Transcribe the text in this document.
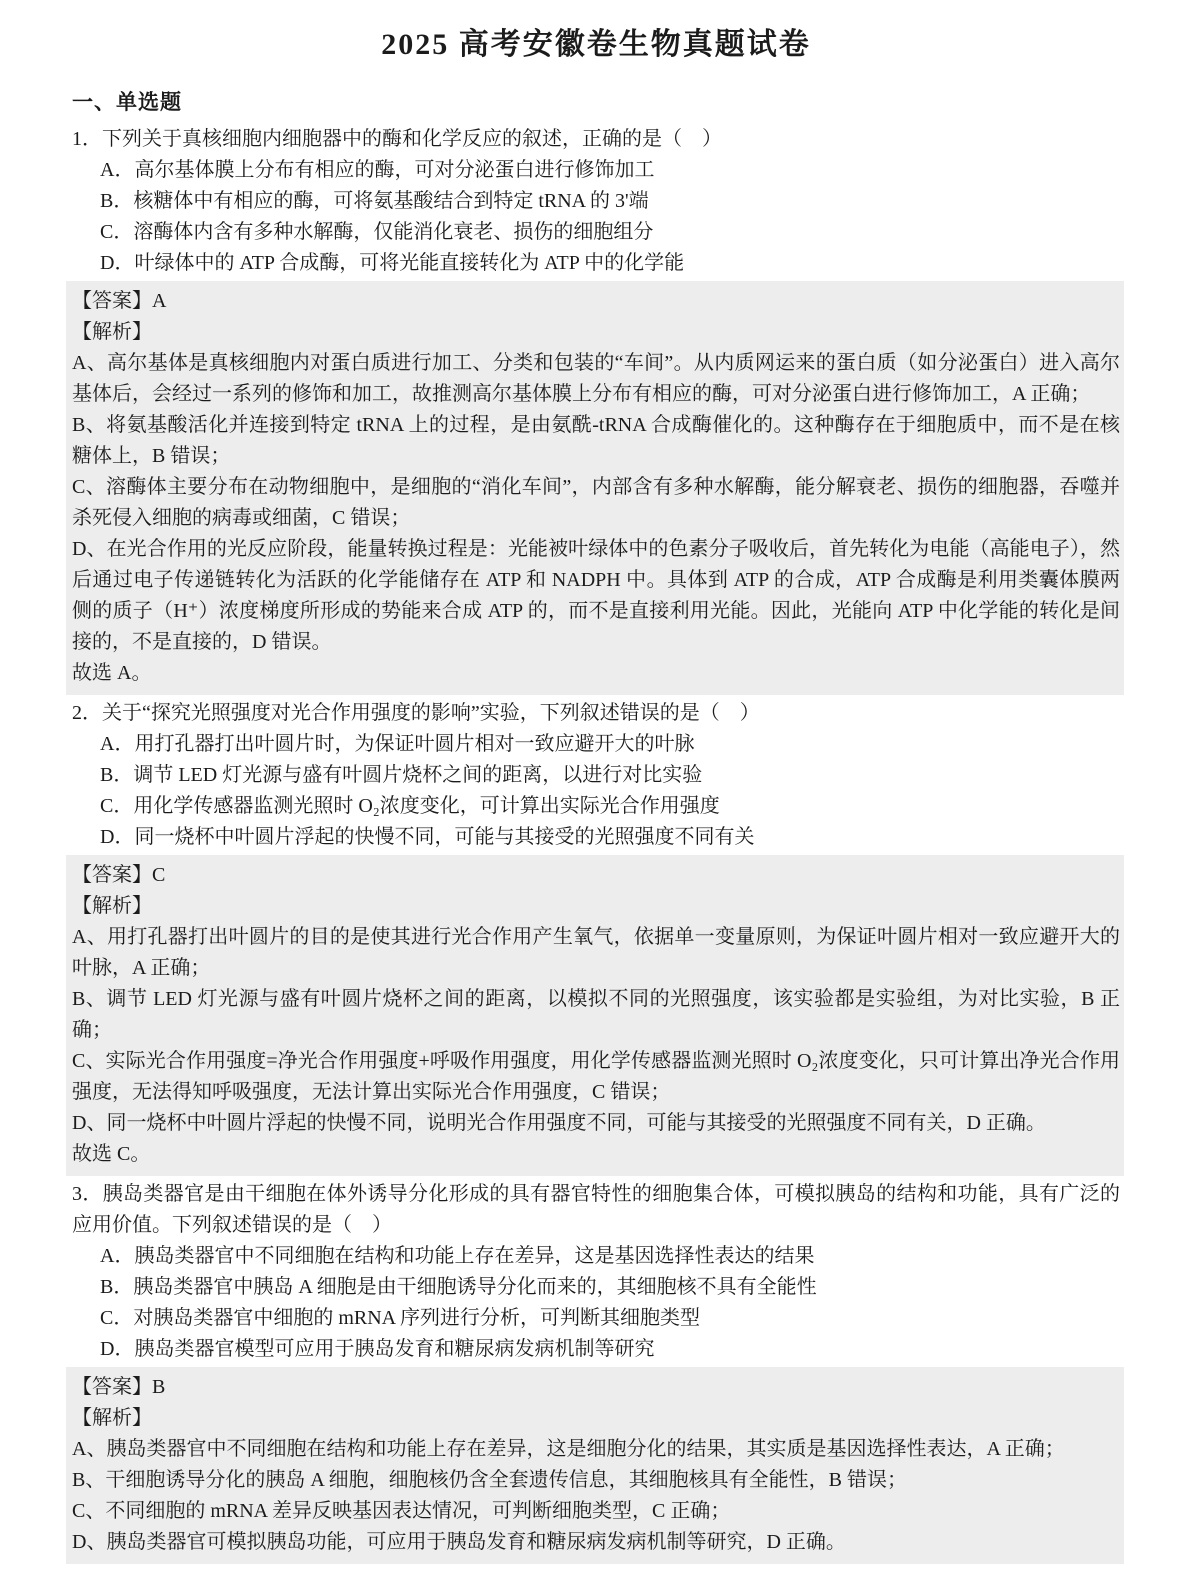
2025 高考安徽卷生物真题试卷
一、单选题

1．下列关于真核细胞内细胞器中的酶和化学反应的叙述，正确的是（　）

A．高尔基体膜上分布有相应的酶，可对分泌蛋白进行修饰加工

B．核糖体中有相应的酶，可将氨基酸结合到特定 tRNA 的 3'端

C．溶酶体内含有多种水解酶，仅能消化衰老、损伤的细胞组分

D．叶绿体中的 ATP 合成酶，可将光能直接转化为 ATP 中的化学能

【答案】A

【解析】

A、高尔基体是真核细胞内对蛋白质进行加工、分类和包装的“车间”。从内质网运来的蛋白质（如分泌蛋白）进入高尔基体后，会经过一系列的修饰和加工，故推测高尔基体膜上分布有相应的酶，可对分泌蛋白进行修饰加工，A 正确；

B、将氨基酸活化并连接到特定 tRNA 上的过程，是由氨酰-tRNA 合成酶催化的。这种酶存在于细胞质中，而不是在核糖体上，B 错误；

C、溶酶体主要分布在动物细胞中，是细胞的“消化车间”，内部含有多种水解酶，能分解衰老、损伤的细胞器，吞噬并杀死侵入细胞的病毒或细菌，C 错误；

D、在光合作用的光反应阶段，能量转换过程是：光能被叶绿体中的色素分子吸收后，首先转化为电能（高能电子），然后通过电子传递链转化为活跃的化学能储存在 ATP 和 NADPH 中。具体到 ATP 的合成，ATP 合成酶是利用类囊体膜两侧的质子（H⁺）浓度梯度所形成的势能来合成 ATP 的，而不是直接利用光能。因此，光能向 ATP 中化学能的转化是间接的，不是直接的，D 错误。

故选 A。

2．关于“探究光照强度对光合作用强度的影响”实验，下列叙述错误的是（　）

A．用打孔器打出叶圆片时，为保证叶圆片相对一致应避开大的叶脉

B．调节 LED 灯光源与盛有叶圆片烧杯之间的距离，以进行对比实验

C．用化学传感器监测光照时 O₂浓度变化，可计算出实际光合作用强度

D．同一烧杯中叶圆片浮起的快慢不同，可能与其接受的光照强度不同有关

【答案】C

【解析】

A、用打孔器打出叶圆片的目的是使其进行光合作用产生氧气，依据单一变量原则，为保证叶圆片相对一致应避开大的叶脉，A 正确；

B、调节 LED 灯光源与盛有叶圆片烧杯之间的距离，以模拟不同的光照强度，该实验都是实验组，为对比实验，B 正确；

C、实际光合作用强度=净光合作用强度+呼吸作用强度，用化学传感器监测光照时 O₂浓度变化，只可计算出净光合作用强度，无法得知呼吸强度，无法计算出实际光合作用强度，C 错误；

D、同一烧杯中叶圆片浮起的快慢不同，说明光合作用强度不同，可能与其接受的光照强度不同有关，D 正确。

故选 C。

3．胰岛类器官是由干细胞在体外诱导分化形成的具有器官特性的细胞集合体，可模拟胰岛的结构和功能，具有广泛的应用价值。下列叙述错误的是（　）

A．胰岛类器官中不同细胞在结构和功能上存在差异，这是基因选择性表达的结果

B．胰岛类器官中胰岛 A 细胞是由干细胞诱导分化而来的，其细胞核不具有全能性

C．对胰岛类器官中细胞的 mRNA 序列进行分析，可判断其细胞类型

D．胰岛类器官模型可应用于胰岛发育和糖尿病发病机制等研究

【答案】B

【解析】

A、胰岛类器官中不同细胞在结构和功能上存在差异，这是细胞分化的结果，其实质是基因选择性表达，A 正确；

B、干细胞诱导分化的胰岛 A 细胞，细胞核仍含全套遗传信息，其细胞核具有全能性，B 错误；

C、不同细胞的 mRNA 差异反映基因表达情况，可判断细胞类型，C 正确；

D、胰岛类器官可模拟胰岛功能，可应用于胰岛发育和糖尿病发病机制等研究，D 正确。
